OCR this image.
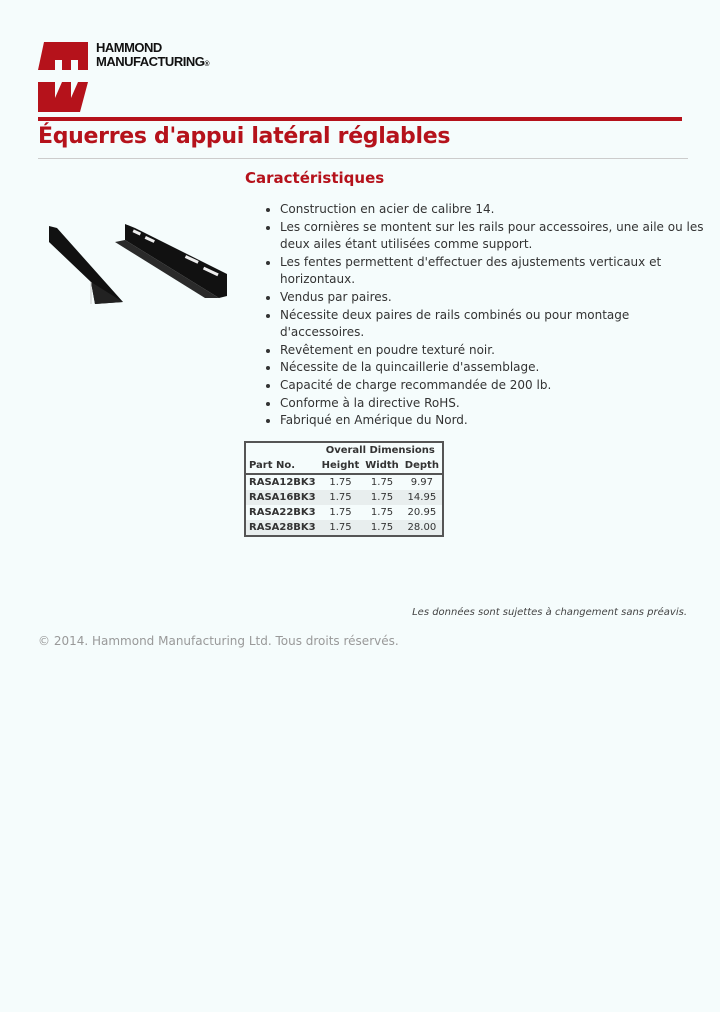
HAMMOND
MANUFACTURING®
Équerres d'appui latéral réglables
Caractéristiques
• Construction en acier de calibre 14.
• Les cornières se montent sur les rails pour accessoires, une aile ou les deux ailes étant utilisées comme support.
• Les fentes permettent d'effectuer des ajustements verticaux et horizontaux.
• Vendus par paires.
• Nécessite deux paires de rails combinés ou pour montage d'accessoires.
• Revêtement en poudre texturé noir.
• Nécessite de la quincaillerie d'assemblage.
• Capacité de charge recommandée de 200 lb.
• Conforme à la directive RoHS.
• Fabriqué en Amérique du Nord.
	Overall Dimensions		
Part No.	Height	Width	Depth
RASA12BK3	1.75	1.75	9.97
RASA16BK3	1.75	1.75	14.95
RASA22BK3	1.75	1.75	20.95
RASA28BK3	1.75	1.75	28.00
Les données sont sujettes à changement sans préavis.
© 2014. Hammond Manufacturing Ltd. Tous droits réservés.
